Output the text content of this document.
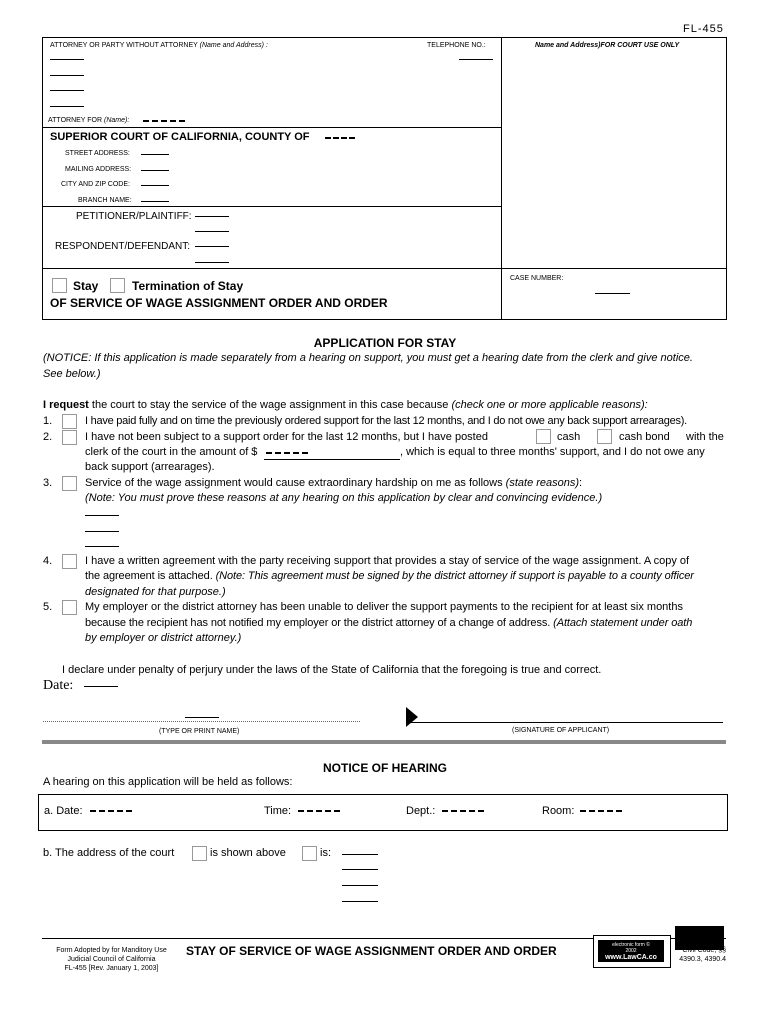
FL-455
ATTORNEY OR PARTY WITHOUT ATTORNEY (Name and Address) :	TELEPHONE NO.:	Name and Address)FOR COURT USE ONLY
ATTORNEY FOR (Name):
SUPERIOR COURT OF CALIFORNIA, COUNTY OF
STREET ADDRESS:
MAILING ADDRESS:
CITY AND ZIP CODE:
BRANCH NAME:
PETITIONER/PLAINTIFF:
RESPONDENT/DEFENDANT:
Stay	Termination of Stay
OF SERVICE OF WAGE ASSIGNMENT ORDER AND ORDER
CASE NUMBER:
APPLICATION FOR STAY
(NOTICE: If this application is made separately from a hearing on support, you must get a hearing date from the clerk and give notice.
See below.)
I request the court to stay the service of the wage assignment in this case because (check one or more applicable reasons):
1.	I have paid fully and on time the previously ordered support for the last 12 months, and I do not owe any back support arrearages).
2.	I have not been subject to a support order for the last 12 months, but I have posted	cash	cash bond with the
clerk of the court in the amount of $	, which is equal to three months' support, and I do not owe any
back support (arrearages).
3.	Service of the wage assignment would cause extraordinary hardship on me as follows (state reasons):
(Note: You must prove these reasons at any hearing on this application by clear and convincing evidence.)
4.	I have a written agreement with the party receiving support that provides a stay of service of the wage assignment. A copy of
the agreement is attached. (Note: This agreement must be signed by the district attorney if support is payable to a county officer
designated for that purpose.)
5.	My employer or the district attorney has been unable to deliver the support payments to the recipient for at least six months
because the recipient has not notified my employer or the district attorney of a change of address. (Attach statement under oath
by employer or district attorney.)
I declare under penalty of perjury under the laws of the State of California that the foregoing is true and correct.
Date:
(TYPE OR PRINT NAME)	(SIGNATURE OF APPLICANT)
NOTICE OF HEARING
A hearing on this application will be held as follows:
a. Date:	Time:	Dept.:	Room:
b. The address of the court	is shown above	is:
Form Adopted by for Manditory Use
Judicial Council of California
FL-455 [Rev. January 1, 2003]
STAY OF SERVICE OF WAGE ASSIGNMENT ORDER AND ORDER	electronic form ©
2002
www.LawCA.co
Civil Code, §§
4390.3, 4390.4
